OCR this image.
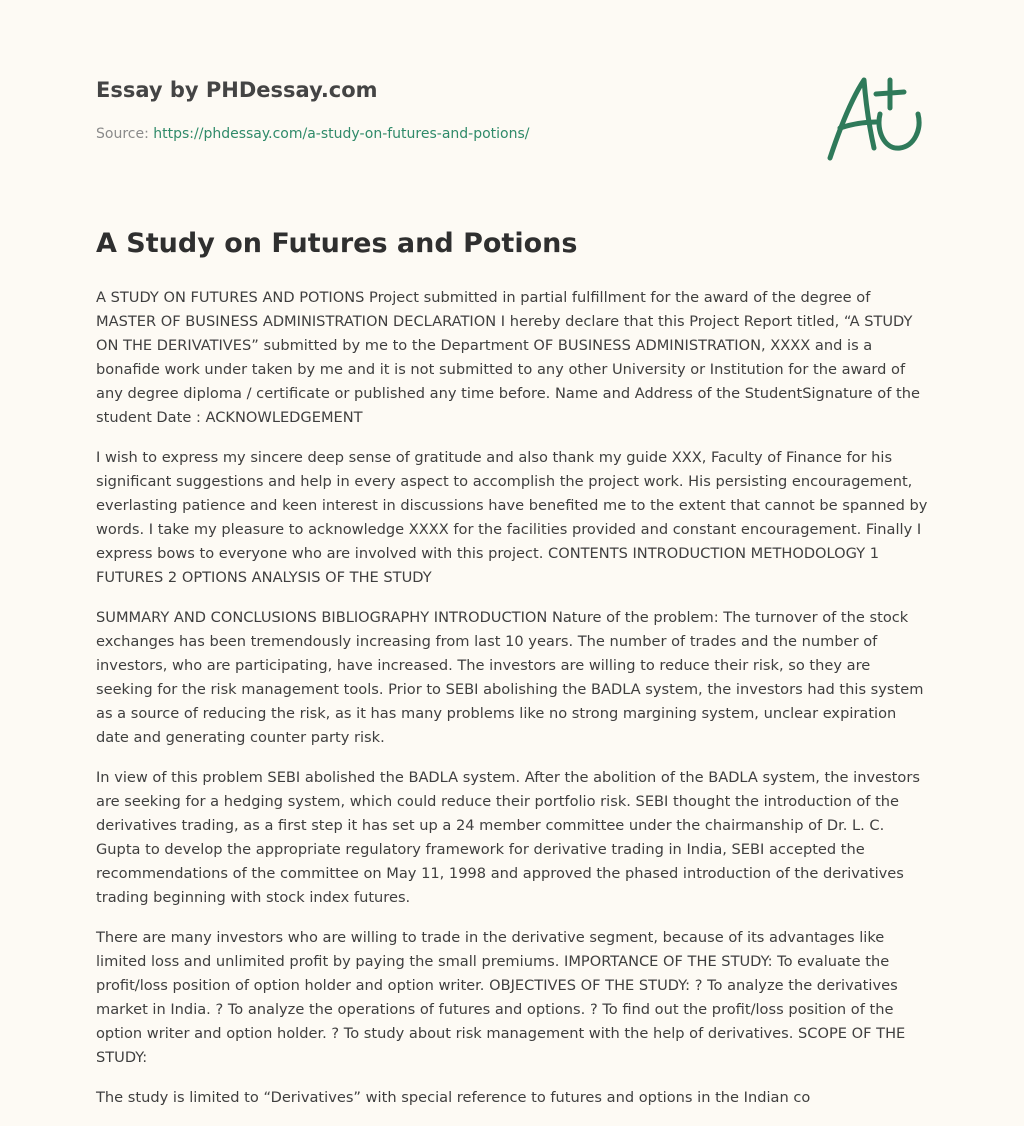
Essay by PHDessay.com
Source: https://phdessay.com/a-study-on-futures-and-potions/
A Study on Futures and Potions

A STUDY ON FUTURES AND POTIONS Project submitted in partial fulfillment for the award of the degree of MASTER OF BUSINESS ADMINISTRATION DECLARATION I hereby declare that this Project Report titled, “A STUDY ON THE DERIVATIVES” submitted by me to the Department OF BUSINESS ADMINISTRATION, XXXX and is a bonafide work under taken by me and it is not submitted to any other University or Institution for the award of any degree diploma / certificate or published any time before. Name and Address of the StudentSignature of the student Date : ACKNOWLEDGEMENT

I wish to express my sincere deep sense of gratitude and also thank my guide XXX, Faculty of Finance for his significant suggestions and help in every aspect to accomplish the project work. His persisting encouragement, everlasting patience and keen interest in discussions have benefited me to the extent that cannot be spanned by words. I take my pleasure to acknowledge XXXX for the facilities provided and constant encouragement. Finally I express bows to everyone who are involved with this project. CONTENTS INTRODUCTION METHODOLOGY 1 FUTURES 2 OPTIONS ANALYSIS OF THE STUDY

SUMMARY AND CONCLUSIONS BIBLIOGRAPHY INTRODUCTION Nature of the problem: The turnover of the stock exchanges has been tremendously increasing from last 10 years. The number of trades and the number of investors, who are participating, have increased. The investors are willing to reduce their risk, so they are seeking for the risk management tools. Prior to SEBI abolishing the BADLA system, the investors had this system as a source of reducing the risk, as it has many problems like no strong margining system, unclear expiration date and generating counter party risk.

In view of this problem SEBI abolished the BADLA system. After the abolition of the BADLA system, the investors are seeking for a hedging system, which could reduce their portfolio risk. SEBI thought the introduction of the derivatives trading, as a first step it has set up a 24 member committee under the chairmanship of Dr. L. C. Gupta to develop the appropriate regulatory framework for derivative trading in India, SEBI accepted the recommendations of the committee on May 11, 1998 and approved the phased introduction of the derivatives trading beginning with stock index futures.

There are many investors who are willing to trade in the derivative segment, because of its advantages like limited loss and unlimited profit by paying the small premiums. IMPORTANCE OF THE STUDY: To evaluate the profit/loss position of option holder and option writer. OBJECTIVES OF THE STUDY: ? To analyze the derivatives market in India. ? To analyze the operations of futures and options. ? To find out the profit/loss position of the option writer and option holder. ? To study about risk management with the help of derivatives. SCOPE OF THE STUDY:

The study is limited to “Derivatives” with special reference to futures and options in the Indian co
